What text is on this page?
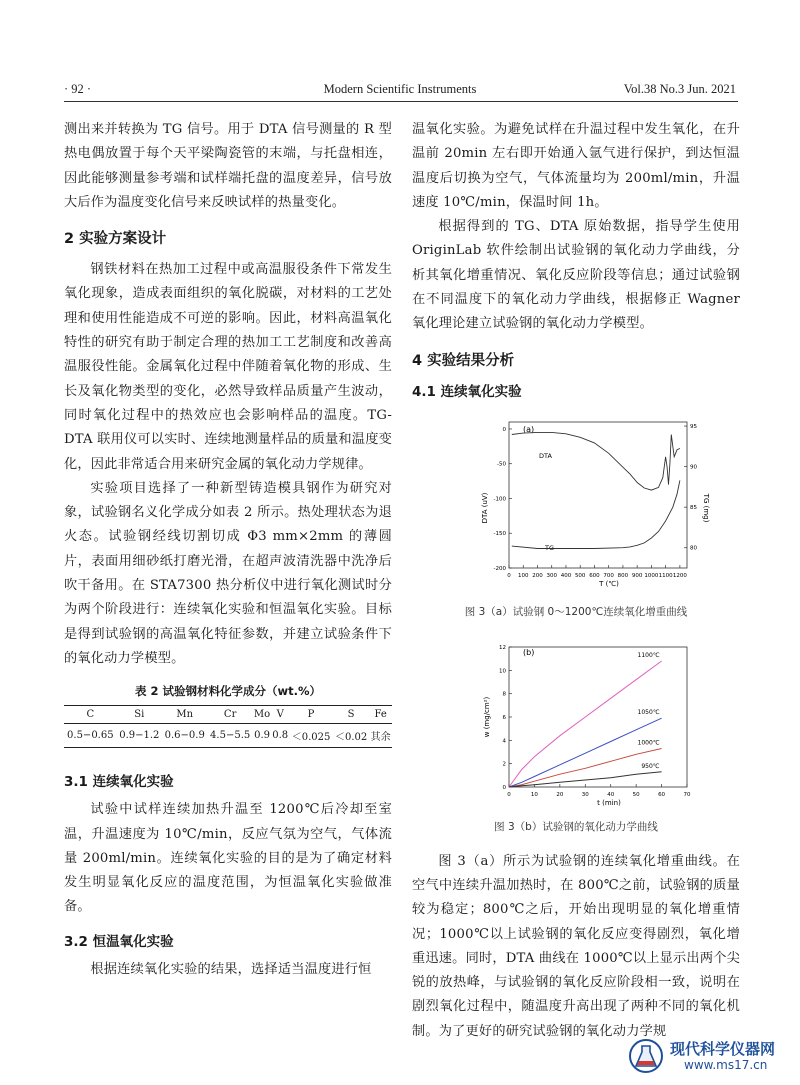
· 92 ·	Modern Scientific Instruments	Vol.38 No.3 Jun. 2021

测出来并转换为 TG 信号。用于 DTA 信号测量的 R 型热电偶放置于每个天平梁陶瓷管的末端，与托盘相连，因此能够测量参考端和试样端托盘的温度差异，信号放大后作为温度变化信号来反映试样的热量变化。

2 实验方案设计

钢铁材料在热加工过程中或高温服役条件下常发生氧化现象，造成表面组织的氧化脱碳，对材料的工艺处理和使用性能造成不可逆的影响。因此，材料高温氧化特性的研究有助于制定合理的热加工工艺制度和改善高温服役性能。金属氧化过程中伴随着氧化物的形成、生长及氧化物类型的变化，必然导致样品质量产生波动，同时氧化过程中的热效应也会影响样品的温度。TG-DTA 联用仪可以实时、连续地测量样品的质量和温度变化，因此非常适合用来研究金属的氧化动力学规律。

实验项目选择了一种新型铸造模具钢作为研究对象，试验钢名义化学成分如表 2 所示。热处理状态为退火态。试验钢经线切割切成 Φ3 mm×2mm 的薄圆片，表面用细砂纸打磨光滑，在超声波清洗器中洗净后吹干备用。在 STA7300 热分析仪中进行氧化测试时分为两个阶段进行：连续氧化实验和恒温氧化实验。目标是得到试验钢的高温氧化特征参数，并建立试验条件下的氧化动力学模型。

表 2 试验钢材料化学成分（wt.%）
C	Si	Mn	Cr	Mo	V	P	S	Fe
0.5−0.65	0.9−1.2	0.6−0.9	4.5−5.5	0.9	0.8	＜0.025	＜0.02	其余
3.1 连续氧化实验

试验中试样连续加热升温至 1200℃后冷却至室温，升温速度为 10℃/min，反应气氛为空气，气体流量 200ml/min。连续氧化实验的目的是为了确定材料发生明显氧化反应的温度范围，为恒温氧化实验做准备。

3.2 恒温氧化实验

根据连续氧化实验的结果，选择适当温度进行恒

温氧化实验。为避免试样在升温过程中发生氧化，在升温前 20min 左右即开始通入氩气进行保护，到达恒温温度后切换为空气，气体流量均为 200ml/min，升温速度 10℃/min，保温时间 1h。

根据得到的 TG、DTA 原始数据，指导学生使用 OriginLab 软件绘制出试验钢的氧化动力学曲线，分析其氧化增重情况、氧化反应阶段等信息；通过试验钢在不同温度下的氧化动力学曲线，根据修正 Wagner 氧化理论建立试验钢的氧化动力学模型。

4 实验结果分析
4.1 连续氧化实验
(a)
DTA
TG
DTA (uV)	TG (mg)
T (℃)
0 100 200 300 400 500 600 700 800 900 1000 1100 1200
0
-50
-100
-150
-200
95
90
85
80
图 3（a）试验钢 0～1200℃连续氧化增重曲线
(b)
w (mg/cm²)
t (min)
0	10	20	30	40	50	60	70
0
2
4
6
8
10
12
1100℃
1050℃
1000℃
950℃
图 3（b）试验钢的氧化动力学曲线

图 3（a）所示为试验钢的连续氧化增重曲线。在空气中连续升温加热时，在 800℃之前，试验钢的质量较为稳定；800℃之后，开始出现明显的氧化增重情况；1000℃以上试验钢的氧化反应变得剧烈，氧化增重迅速。同时，DTA 曲线在 1000℃以上显示出两个尖锐的放热峰，与试验钢的氧化反应阶段相一致，说明在剧烈氧化过程中，随温度升高出现了两种不同的氧化机制。为了更好的研究试验钢的氧化动力学规

现代科学仪器网
www.ms17.cn
